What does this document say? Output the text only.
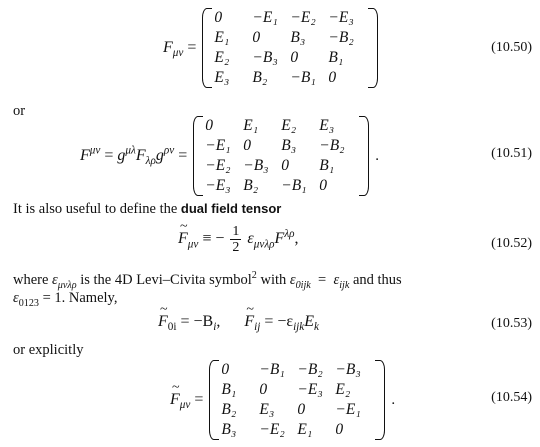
$F_{\mu\nu}$ =
0	−E₁ −E₂ −E₃
E₁	0	B₃	−B₂
E₂	−B₃ 0	B₁
E₃	B₂	−B₁ 0
(10.50)
or
$F^{\mu\nu} = g^{\mu\lambda}F_{\lambda\rho}g^{\rho\nu}$ =
0	E₁	E₂	E₃
−E₁ 0	B₃	−B₂
−E₂ −B₃ 0	B₁
−E₃ B₂	−B₁ 0
.	(10.51)
It is also useful to define the dual field tensor
~ $F_{\mu\nu}$ ≡ − $\frac{1}{2} \varepsilon_{\mu\nu\lambda\rho}F^{\lambda\rho}$,	(10.52)
where $\varepsilon_{\mu\nu\lambda\rho}$ is the 4D Levi–Civita symbol$^2$ with $\varepsilon_{0ijk} = \varepsilon_{ijk}$ and thus
$\varepsilon_{0123} = 1$. Namely,
~ $F_{0i} = -B_i$,      ~ $F_{ij} = -\varepsilon_{ijk}E_k$	(10.53)
or explicitly
~ $F_{\mu\nu}$ =
0	−B₁ −B₂ −B₃
B₁	0	−E₃ E₂
B₂	E₃	0	−E₁
B₃	−E₂ E₁	0
.	(10.54)
